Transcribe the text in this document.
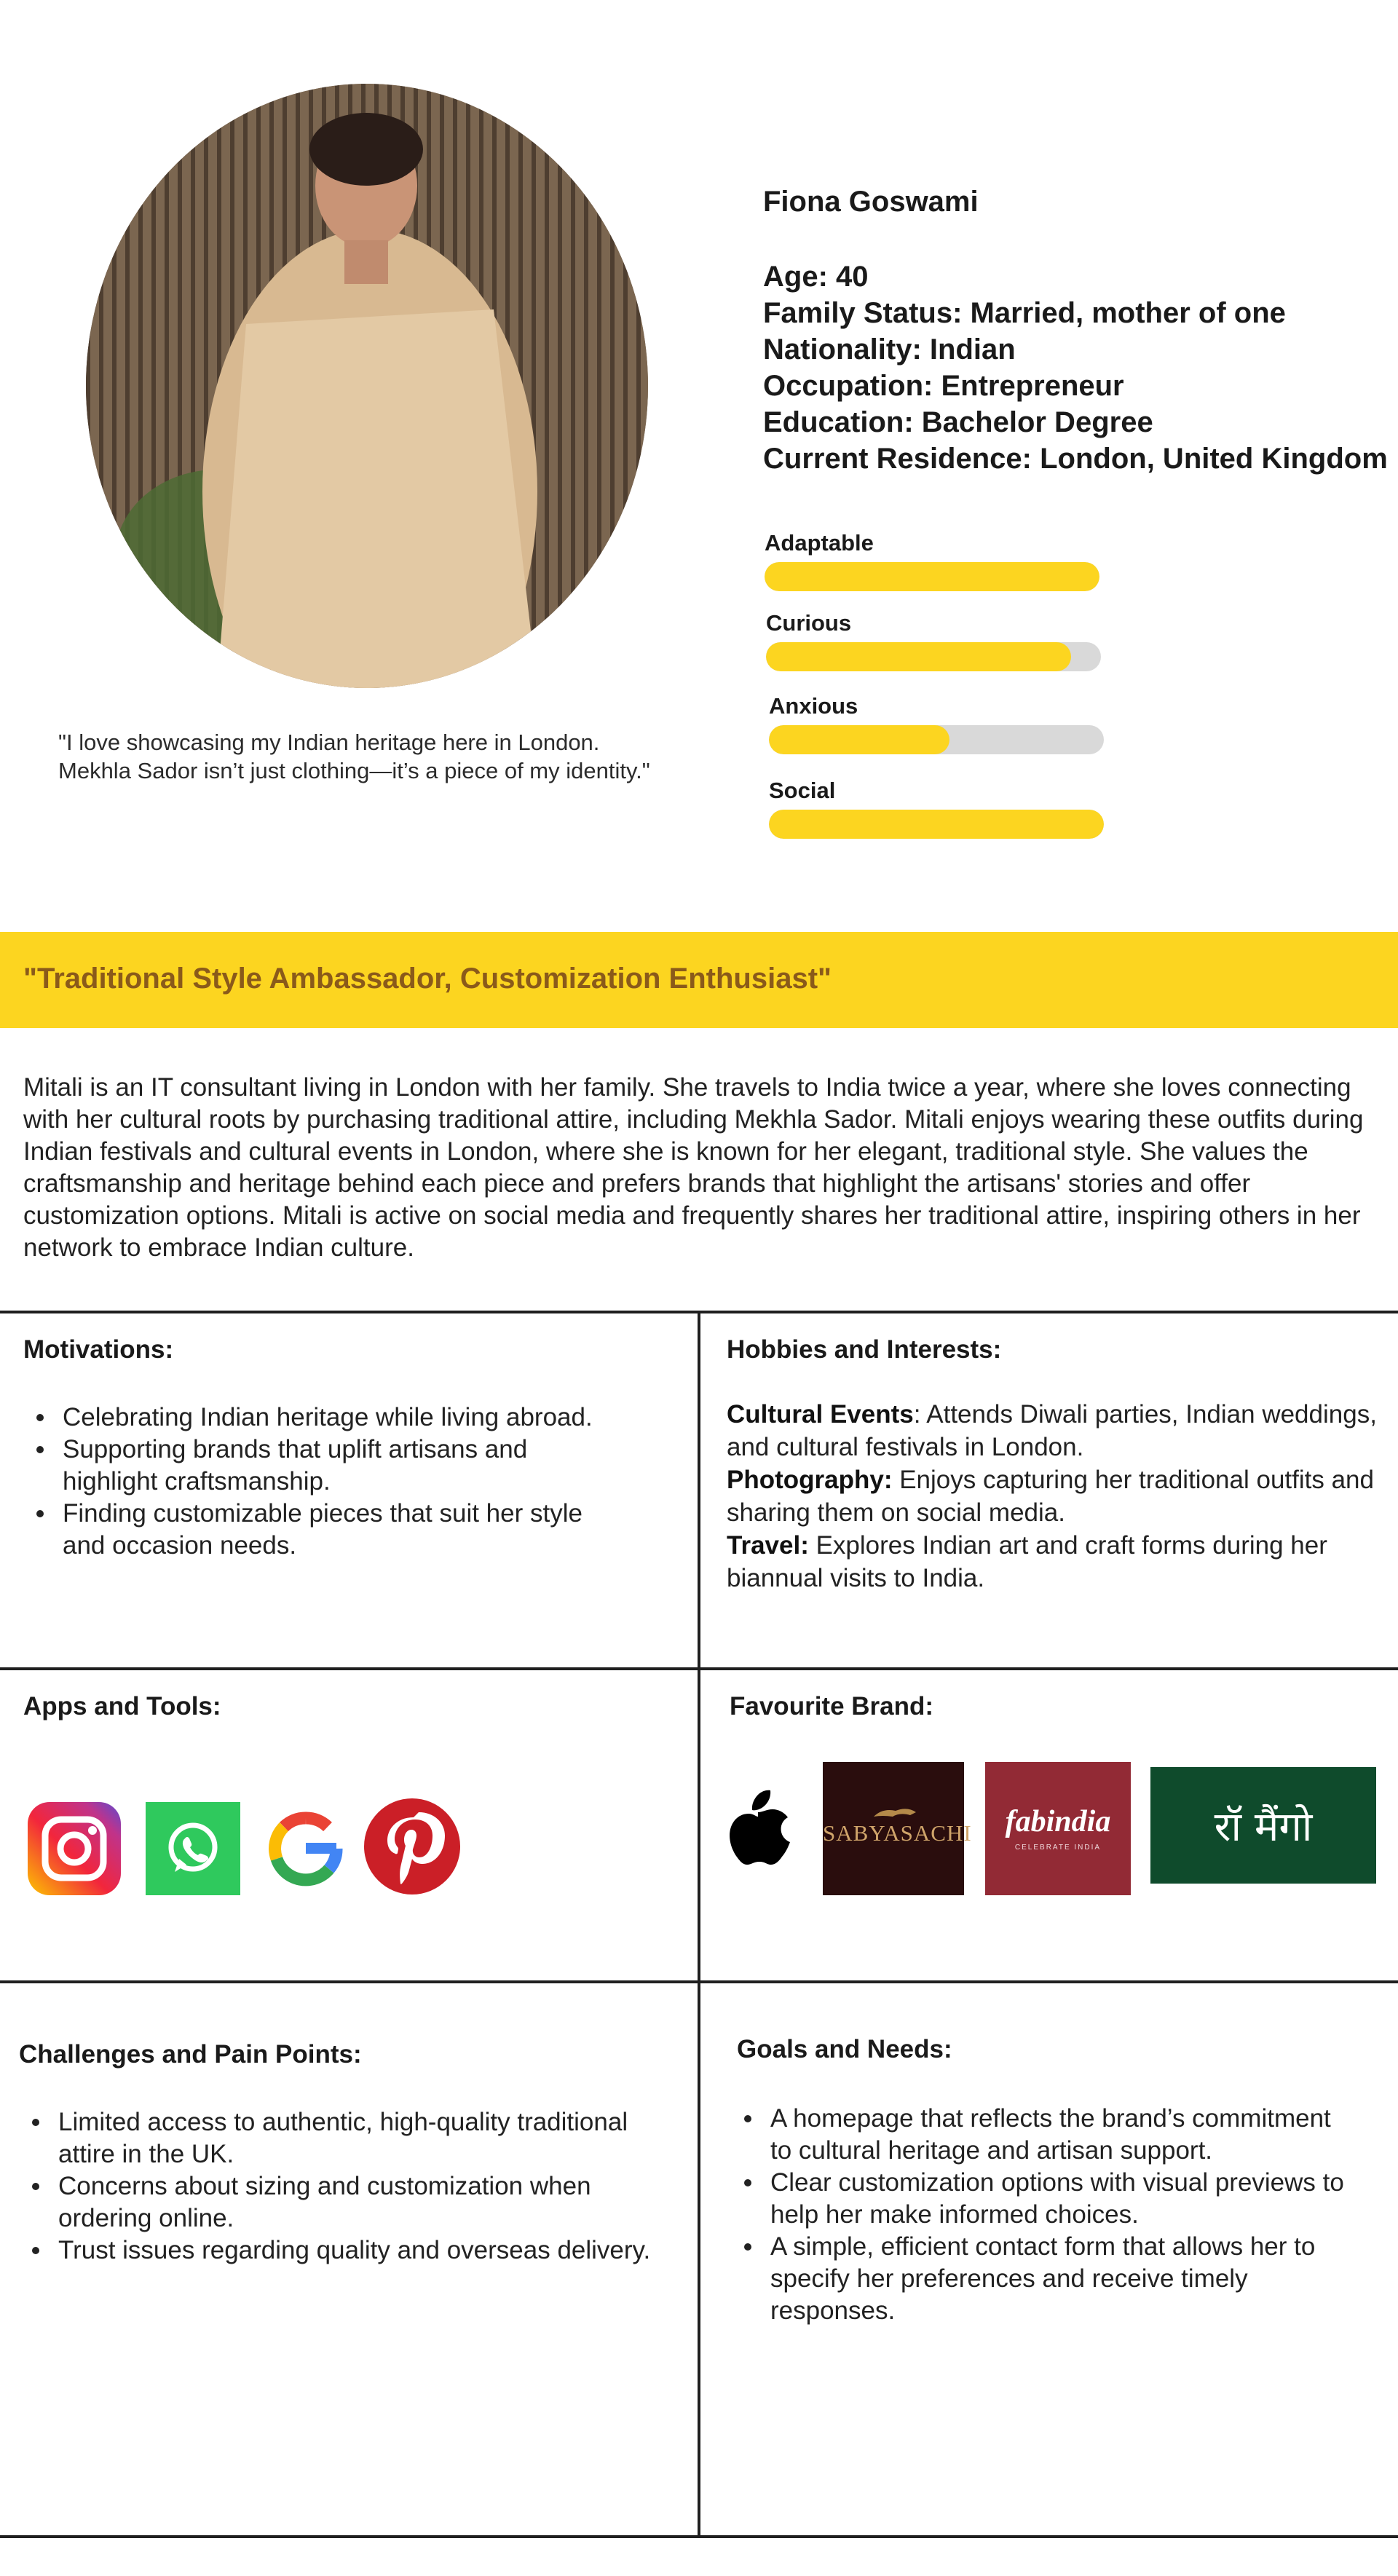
"I love showcasing my Indian heritage here in London. Mekhla Sador isn’t just clothing—it’s a piece of my identity."
Fiona Goswami
Age: 40
Family Status: Married, mother of one
Nationality: Indian
Occupation: Entrepreneur
Education: Bachelor Degree
Current Residence: London, United Kingdom
Adaptable
Curious
Anxious
Social
"Traditional Style Ambassador, Customization Enthusiast"
Mitali is an IT consultant living in London with her family. She travels to India twice a year, where she loves connecting with her cultural roots by purchasing traditional attire, including Mekhla Sador. Mitali enjoys wearing these outfits during Indian festivals and cultural events in London, where she is known for her elegant, traditional style. She values the craftsmanship and heritage behind each piece and prefers brands that highlight the artisans' stories and offer customization options. Mitali is active on social media and frequently shares her traditional attire, inspiring others in her network to embrace Indian culture.
Motivations:
Celebrating Indian heritage while living abroad.
Supporting brands that uplift artisans and highlight craftsmanship.
Finding customizable pieces that suit her style and occasion needs.
Hobbies and Interests:
Cultural Events: Attends Diwali parties, Indian weddings, and cultural festivals in London.
Photography: Enjoys capturing her traditional outfits and sharing them on social media.
Travel: Explores Indian art and craft forms during her biannual visits to India.
Apps and Tools:	Favourite Brand:
SABYASACHI	fabindia
CELEBRATE INDIA	रॉ मैंगो
Challenges and Pain Points:
Limited access to authentic, high-quality traditional attire in the UK.
Concerns about sizing and customization when ordering online.
Trust issues regarding quality and overseas delivery.
Goals and Needs:
A homepage that reflects the brand’s commitment to cultural heritage and artisan support.
Clear customization options with visual previews to help her make informed choices.
A simple, efficient contact form that allows her to specify her preferences and receive timely responses.
